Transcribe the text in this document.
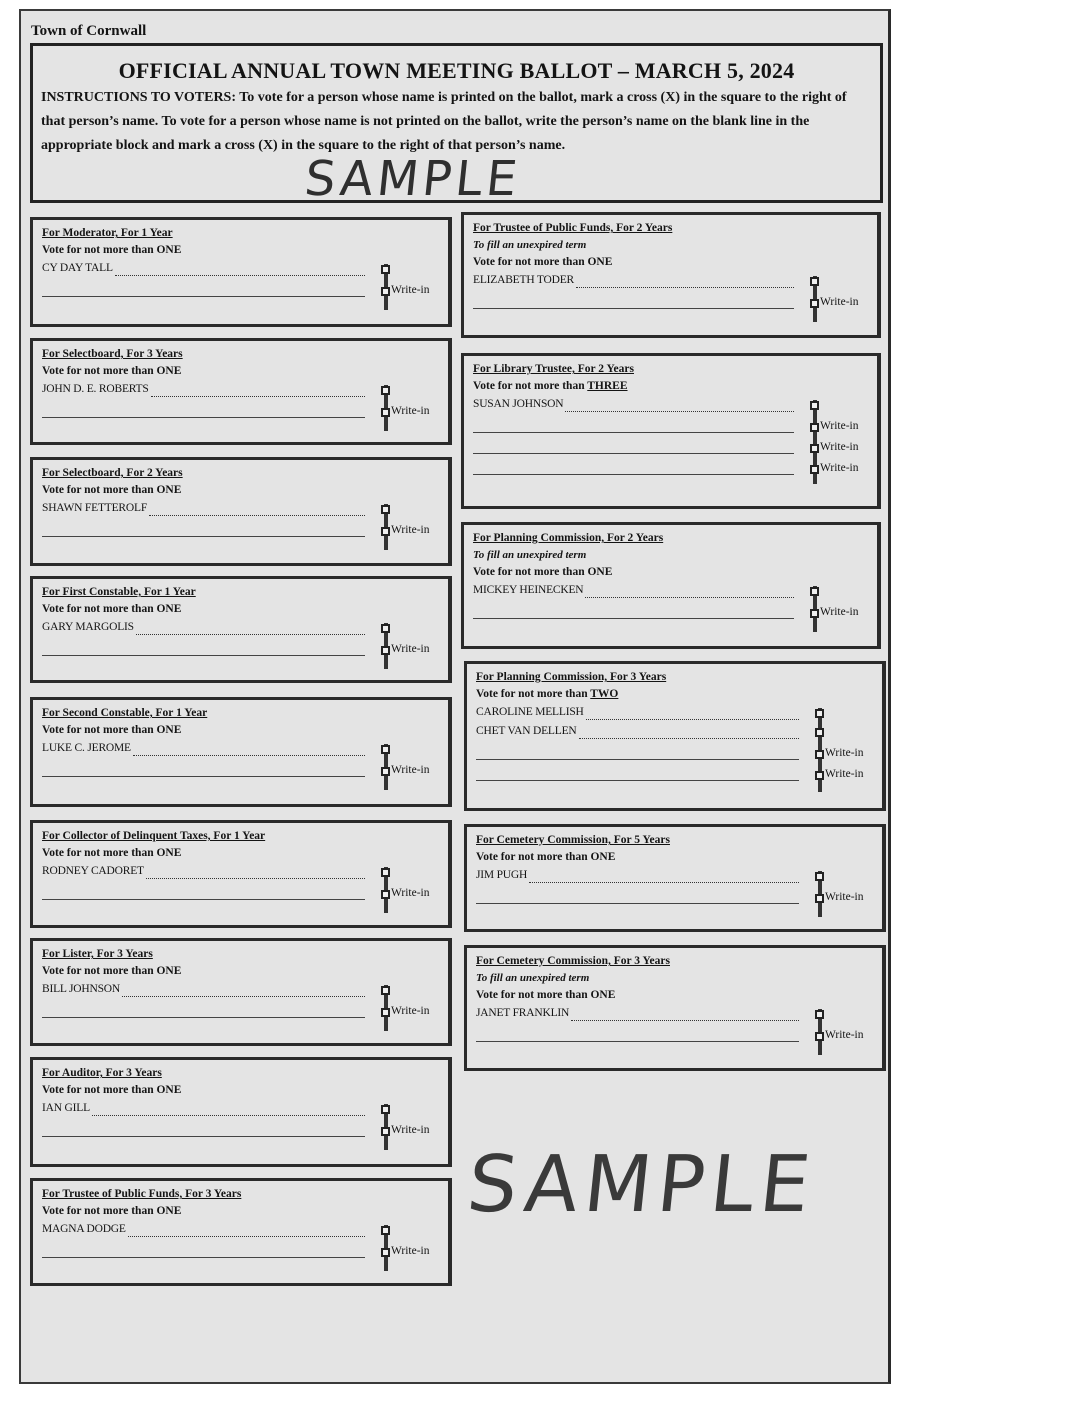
Town of Cornwall
OFFICIAL ANNUAL TOWN MEETING BALLOT – MARCH 5, 2024
INSTRUCTIONS TO VOTERS: To vote for a person whose name is printed on the ballot, mark a cross (X) in the square to the right of that person’s name. To vote for a person whose name is not printed on the ballot, write the person’s name on the blank line in the appropriate block and mark a cross (X) in the square to the right of that person’s name.
SAMPLE
SAMPLE
For Moderator, For 1 Year
Vote for not more than ONE
CY DAY TALL
Write-in
For Selectboard, For 3 Years
Vote for not more than ONE
JOHN D. E. ROBERTS
Write-in
For Selectboard, For 2 Years
Vote for not more than ONE
SHAWN FETTEROLF
Write-in
For First Constable, For 1 Year
Vote for not more than ONE
GARY MARGOLIS
Write-in
For Second Constable, For 1 Year
Vote for not more than ONE
LUKE C. JEROME
Write-in
For Collector of Delinquent Taxes, For 1 Year
Vote for not more than ONE
RODNEY CADORET
Write-in
For Lister, For 3 Years
Vote for not more than ONE
BILL JOHNSON
Write-in
For Auditor, For 3 Years
Vote for not more than ONE
IAN GILL
Write-in
For Trustee of Public Funds, For 3 Years
Vote for not more than ONE
MAGNA DODGE
Write-in
For Trustee of Public Funds, For 2 Years
To fill an unexpired term
Vote for not more than ONE
ELIZABETH TODER
Write-in
For Library Trustee, For 2 Years
Vote for not more than THREE
SUSAN JOHNSON
Write-in
Write-in
Write-in
For Planning Commission, For 2 Years
To fill an unexpired term
Vote for not more than ONE
MICKEY HEINECKEN
Write-in
For Planning Commission, For 3 Years
Vote for not more than TWO
CAROLINE MELLISH
CHET VAN DELLEN
Write-in
Write-in
For Cemetery Commission, For 5 Years
Vote for not more than ONE
JIM PUGH
Write-in
For Cemetery Commission, For 3 Years
To fill an unexpired term
Vote for not more than ONE
JANET FRANKLIN
Write-in
